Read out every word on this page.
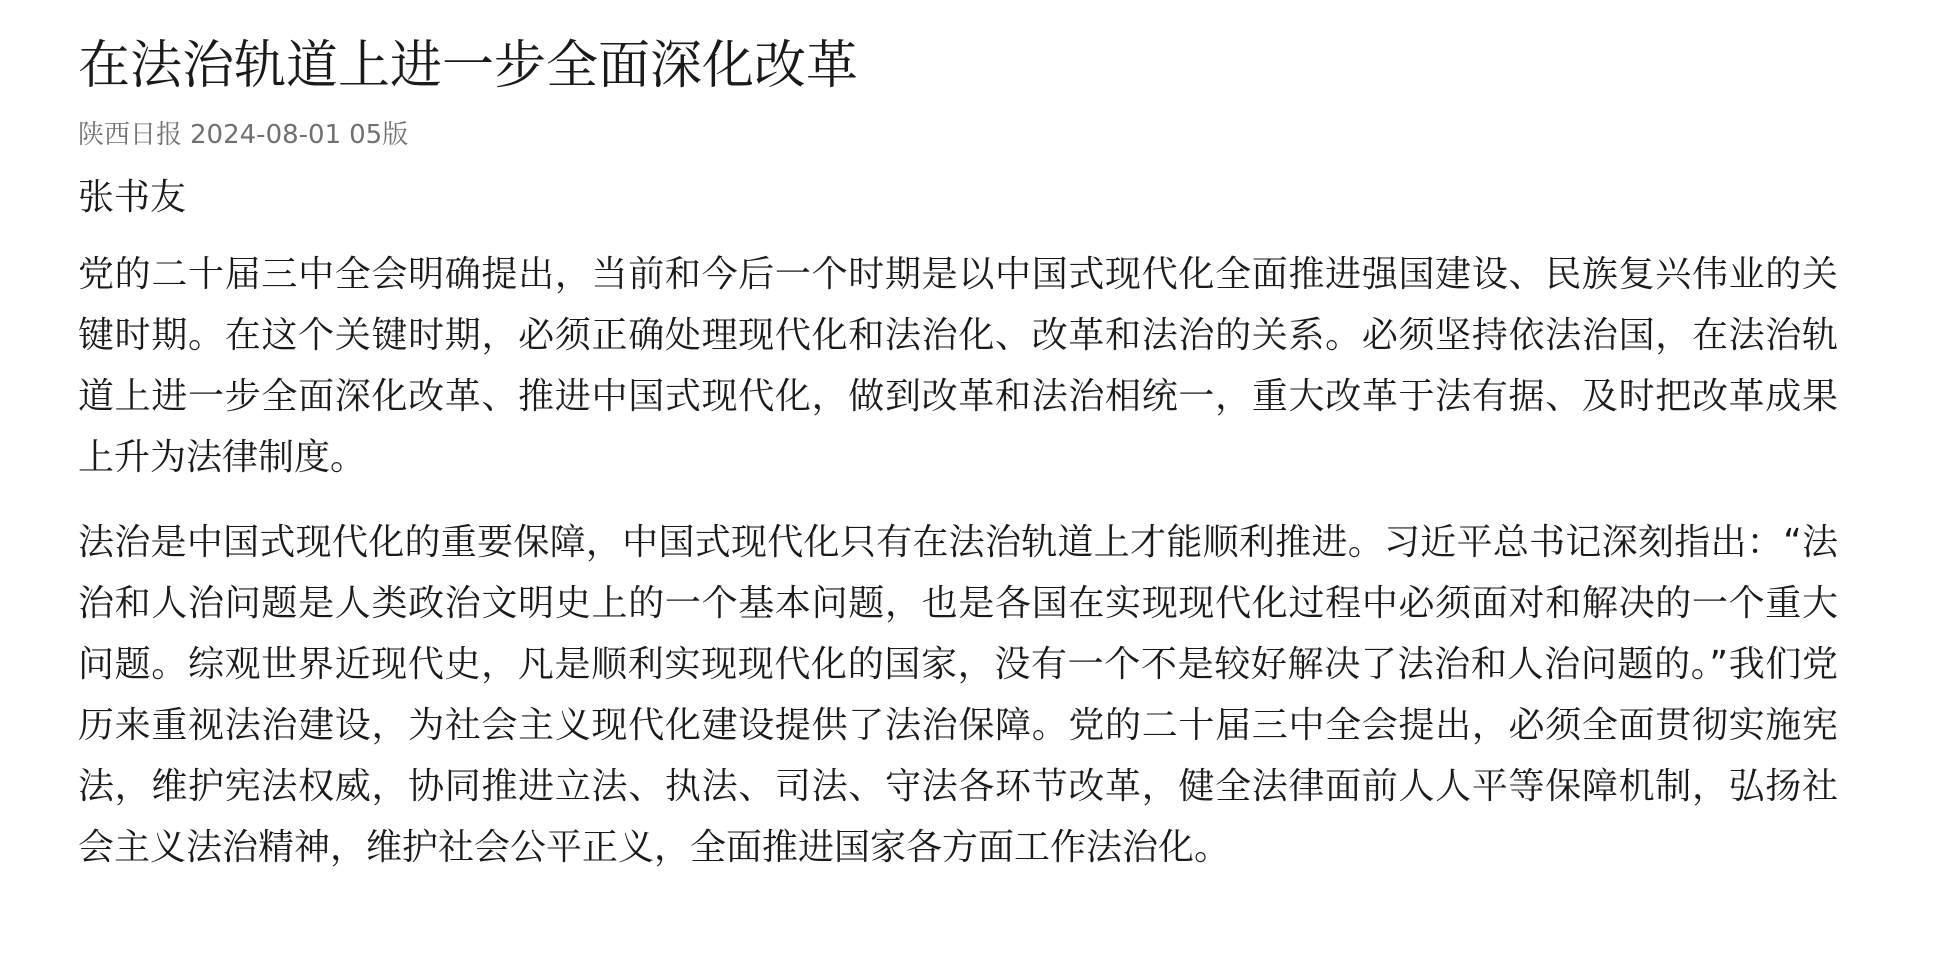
在法治轨道上进一步全面深化改革
陕西日报 2024-08-01 05版
张书友

党的二十届三中全会明确提出，当前和今后一个时期是以中国式现代化全面推进强国建设、民族复兴伟业的关键时期。在这个关键时期，必须正确处理现代化和法治化、改革和法治的关系。必须坚持依法治国，在法治轨道上进一步全面深化改革、推进中国式现代化，做到改革和法治相统一，重大改革于法有据、及时把改革成果上升为法律制度。

法治是中国式现代化的重要保障，中国式现代化只有在法治轨道上才能顺利推进。习近平总书记深刻指出：“法治和人治问题是人类政治文明史上的一个基本问题，也是各国在实现现代化过程中必须面对和解决的一个重大问题。综观世界近现代史，凡是顺利实现现代化的国家，没有一个不是较好解决了法治和人治问题的。”我们党历来重视法治建设，为社会主义现代化建设提供了法治保障。党的二十届三中全会提出，必须全面贯彻实施宪法，维护宪法权威，协同推进立法、执法、司法、守法各环节改革，健全法律面前人人平等保障机制，弘扬社会主义法治精神，维护社会公平正义，全面推进国家各方面工作法治化。
